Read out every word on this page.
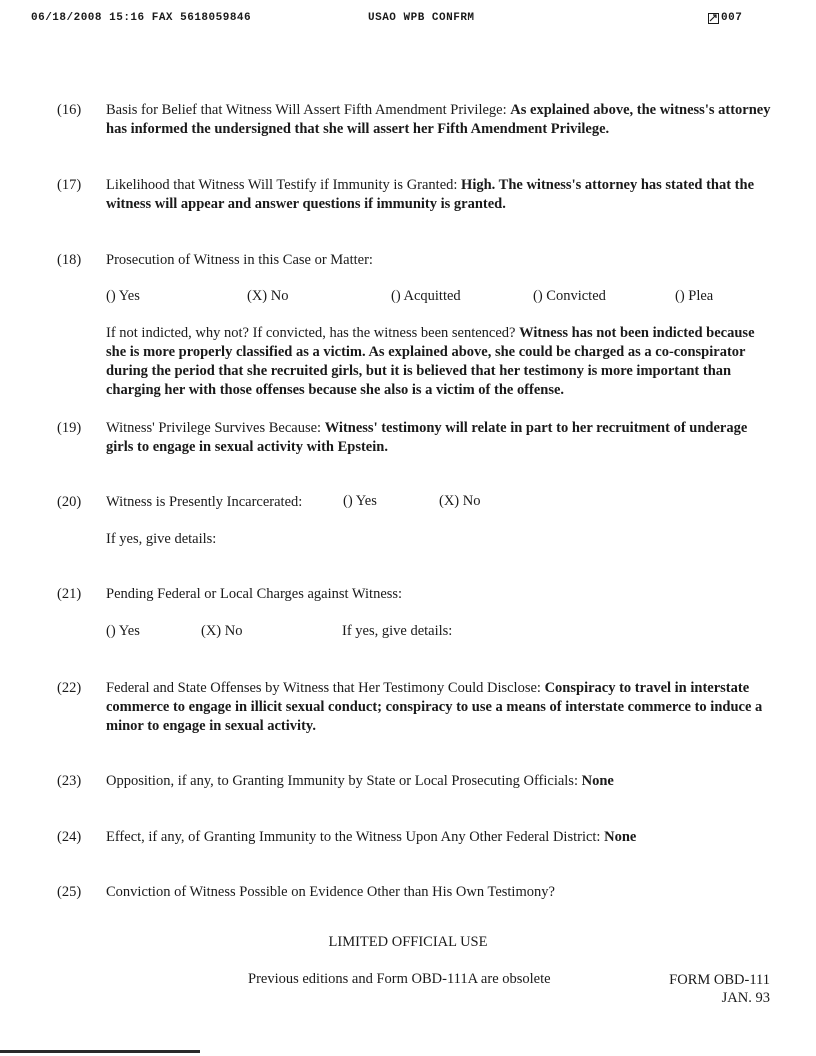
06/18/2008 15:16 FAX 5618059846	USAO WPB CONFRM	007
(16)	Basis for Belief that Witness Will Assert Fifth Amendment Privilege: As explained above, the witness's attorney has informed the undersigned that she will assert her Fifth Amendment Privilege.
(17)	Likelihood that Witness Will Testify if Immunity is Granted: High. The witness's attorney has stated that the witness will appear and answer questions if immunity is granted.
(18)	Prosecution of Witness in this Case or Matter:
() Yes	(X) No	() Acquitted	() Convicted	() Plea
If not indicted, why not? If convicted, has the witness been sentenced? Witness has not been indicted because she is more properly classified as a victim. As explained above, she could be charged as a co-conspirator during the period that she recruited girls, but it is believed that her testimony is more important than charging her with those offenses because she also is a victim of the offense.
(19)	Witness' Privilege Survives Because: Witness' testimony will relate in part to her recruitment of underage girls to engage in sexual activity with Epstein.
(20)	Witness is Presently Incarcerated:	() Yes	(X) No
If yes, give details:
(21)	Pending Federal or Local Charges against Witness:
() Yes	(X) No	If yes, give details:
(22)	Federal and State Offenses by Witness that Her Testimony Could Disclose: Conspiracy to travel in interstate commerce to engage in illicit sexual conduct; conspiracy to use a means of interstate commerce to induce a minor to engage in sexual activity.
(23)	Opposition, if any, to Granting Immunity by State or Local Prosecuting Officials: None
(24)	Effect, if any, of Granting Immunity to the Witness Upon Any Other Federal District: None
(25)	Conviction of Witness Possible on Evidence Other than His Own Testimony?
LIMITED OFFICIAL USE
Previous editions and Form OBD-111A are obsolete	FORM OBD-111
JAN. 93
